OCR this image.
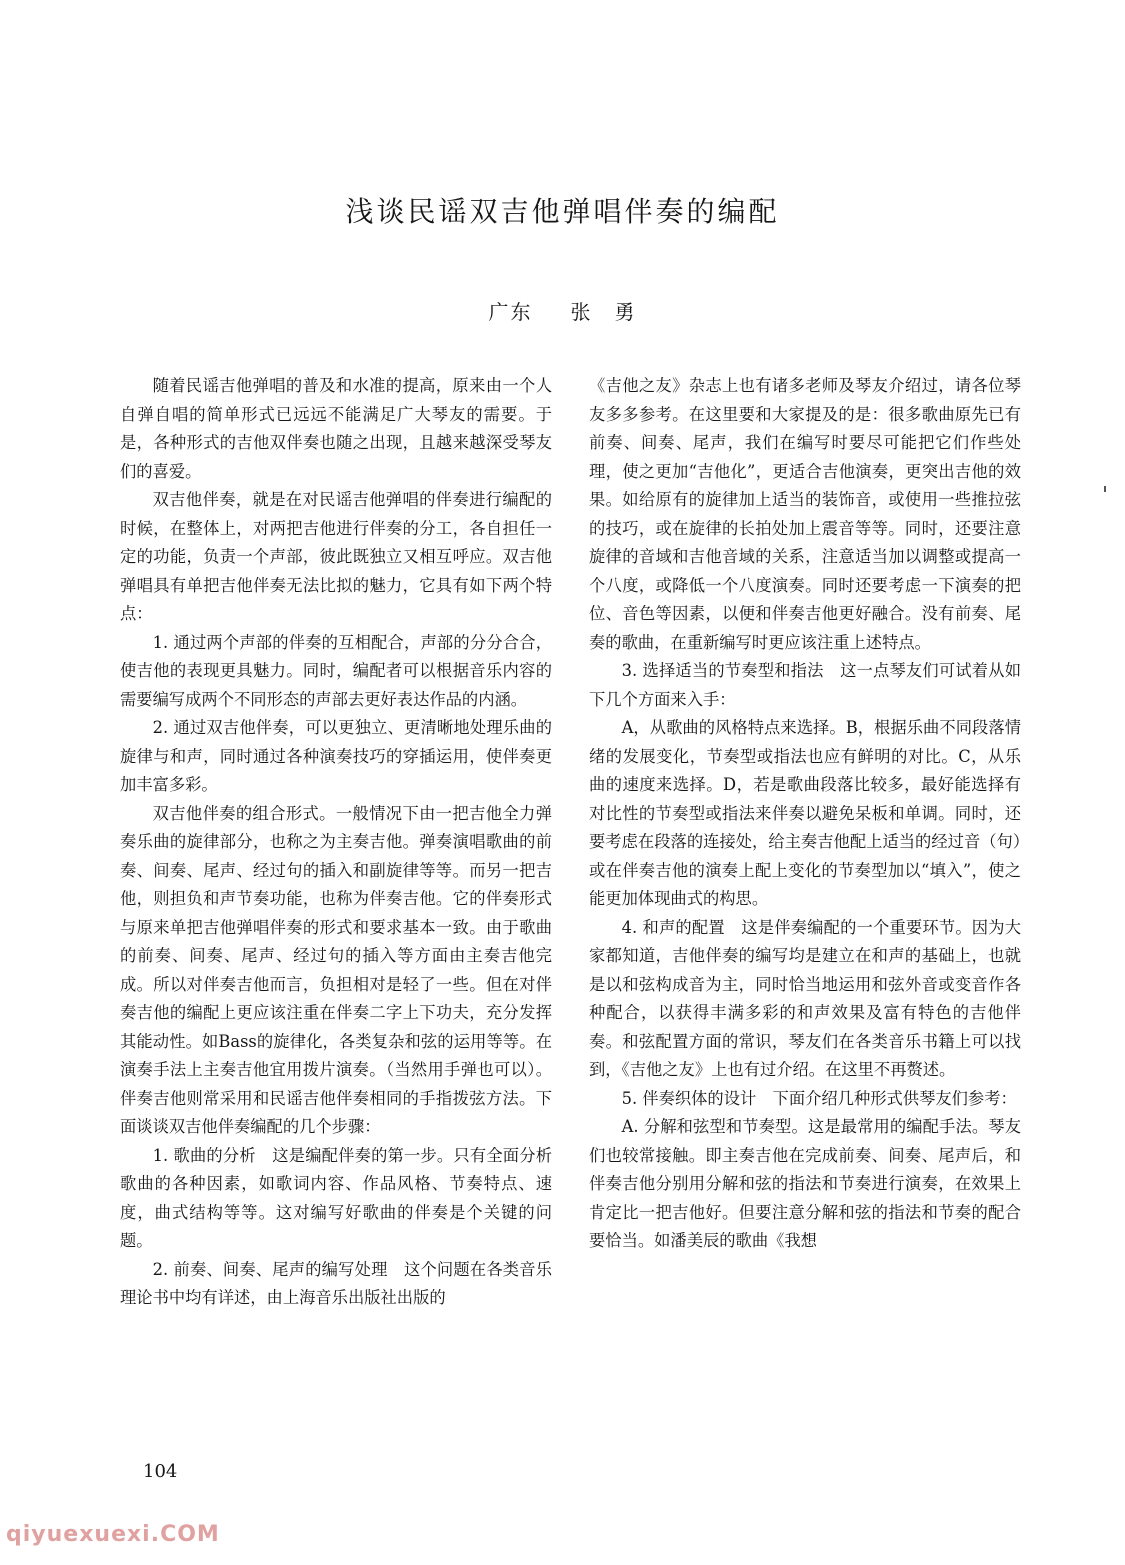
浅谈民谣双吉他弹唱伴奏的编配
广东 张　勇

随着民谣吉他弹唱的普及和水准的提高，原来由一个人自弹自唱的简单形式已远远不能满足广大琴友的需要。于是，各种形式的吉他双伴奏也随之出现，且越来越深受琴友们的喜爱。

双吉他伴奏，就是在对民谣吉他弹唱的伴奏进行编配的时候，在整体上，对两把吉他进行伴奏的分工，各自担任一定的功能，负责一个声部，彼此既独立又相互呼应。双吉他弹唱具有单把吉他伴奏无法比拟的魅力，它具有如下两个特点：

1. 通过两个声部的伴奏的互相配合，声部的分分合合，使吉他的表现更具魅力。同时，编配者可以根据音乐内容的需要编写成两个不同形态的声部去更好表达作品的内涵。

2. 通过双吉他伴奏，可以更独立、更清晰地处理乐曲的旋律与和声，同时通过各种演奏技巧的穿插运用，使伴奏更加丰富多彩。

双吉他伴奏的组合形式。一般情况下由一把吉他全力弹奏乐曲的旋律部分，也称之为主奏吉他。弹奏演唱歌曲的前奏、间奏、尾声、经过句的插入和副旋律等等。而另一把吉他，则担负和声节奏功能，也称为伴奏吉他。它的伴奏形式与原来单把吉他弹唱伴奏的形式和要求基本一致。由于歌曲的前奏、间奏、尾声、经过句的插入等方面由主奏吉他完成。所以对伴奏吉他而言，负担相对是轻了一些。但在对伴奏吉他的编配上更应该注重在伴奏二字上下功夫，充分发挥其能动性。如Bass的旋律化，各类复杂和弦的运用等等。在演奏手法上主奏吉他宜用拨片演奏。（当然用手弹也可以）。伴奏吉他则常采用和民谣吉他伴奏相同的手指拨弦方法。下面谈谈双吉他伴奏编配的几个步骤：

1. 歌曲的分析　这是编配伴奏的第一步。只有全面分析歌曲的各种因素，如歌词内容、作品风格、节奏特点、速度，曲式结构等等。这对编写好歌曲的伴奏是个关键的问题。

2. 前奏、间奏、尾声的编写处理　这个问题在各类音乐理论书中均有详述，由上海音乐出版社出版的

《吉他之友》杂志上也有诸多老师及琴友介绍过，请各位琴友多多参考。在这里要和大家提及的是：很多歌曲原先已有前奏、间奏、尾声，我们在编写时要尽可能把它们作些处理，使之更加“吉他化”，更适合吉他演奏，更突出吉他的效果。如给原有的旋律加上适当的装饰音，或使用一些推拉弦的技巧，或在旋律的长拍处加上震音等等。同时，还要注意旋律的音域和吉他音域的关系，注意适当加以调整或提高一个八度，或降低一个八度演奏。同时还要考虑一下演奏的把位、音色等因素，以便和伴奏吉他更好融合。没有前奏、尾奏的歌曲，在重新编写时更应该注重上述特点。

3. 选择适当的节奏型和指法　这一点琴友们可试着从如下几个方面来入手：

A，从歌曲的风格特点来选择。B，根据乐曲不同段落情绪的发展变化，节奏型或指法也应有鲜明的对比。C，从乐曲的速度来选择。D，若是歌曲段落比较多，最好能选择有对比性的节奏型或指法来伴奏以避免呆板和单调。同时，还要考虑在段落的连接处，给主奏吉他配上适当的经过音（句）或在伴奏吉他的演奏上配上变化的节奏型加以“填入”，使之能更加体现曲式的构思。

4. 和声的配置　这是伴奏编配的一个重要环节。因为大家都知道，吉他伴奏的编写均是建立在和声的基础上，也就是以和弦构成音为主，同时恰当地运用和弦外音或变音作各种配合，以获得丰满多彩的和声效果及富有特色的吉他伴奏。和弦配置方面的常识，琴友们在各类音乐书籍上可以找到，《吉他之友》上也有过介绍。在这里不再赘述。

5. 伴奏织体的设计　下面介绍几种形式供琴友们参考：

A. 分解和弦型和节奏型。这是最常用的编配手法。琴友们也较常接触。即主奏吉他在完成前奏、间奏、尾声后，和伴奏吉他分别用分解和弦的指法和节奏进行演奏，在效果上肯定比一把吉他好。但要注意分解和弦的指法和节奏的配合要恰当。如潘美辰的歌曲《我想

104
qiyuexuexi.COM
